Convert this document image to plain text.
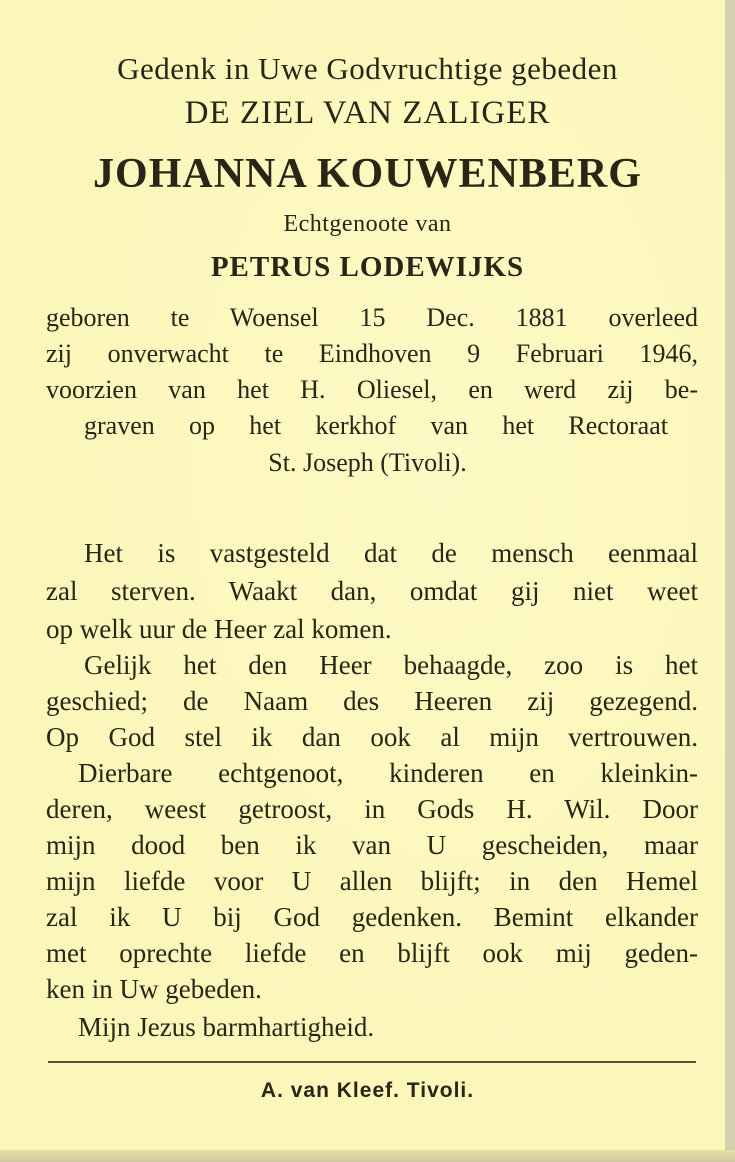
Gedenk in Uwe Godvruchtige gebeden
DE ZIEL VAN ZALIGER
JOHANNA KOUWENBERG
Echtgenoote van
PETRUS LODEWIJKS
geboren te Woensel 15 Dec. 1881 overleed
zij onverwacht te Eindhoven 9 Februari 1946,
voorzien van het H. Oliesel, en werd zij be-
graven op het kerkhof van het Rectoraat
St. Joseph (Tivoli).
Het is vastgesteld dat de mensch eenmaal
zal sterven. Waakt dan, omdat gij niet weet
op welk uur de Heer zal komen.
Gelijk het den Heer behaagde, zoo is het
geschied; de Naam des Heeren zij gezegend.
Op God stel ik dan ook al mijn vertrouwen.
Dierbare echtgenoot, kinderen en kleinkin-
deren, weest getroost, in Gods H. Wil. Door
mijn dood ben ik van U gescheiden, maar
mijn liefde voor U allen blijft; in den Hemel
zal ik U bij God gedenken. Bemint elkander
met oprechte liefde en blijft ook mij geden-
ken in Uw gebeden.
Mijn Jezus barmhartigheid.
A. van Kleef. Tivoli.
